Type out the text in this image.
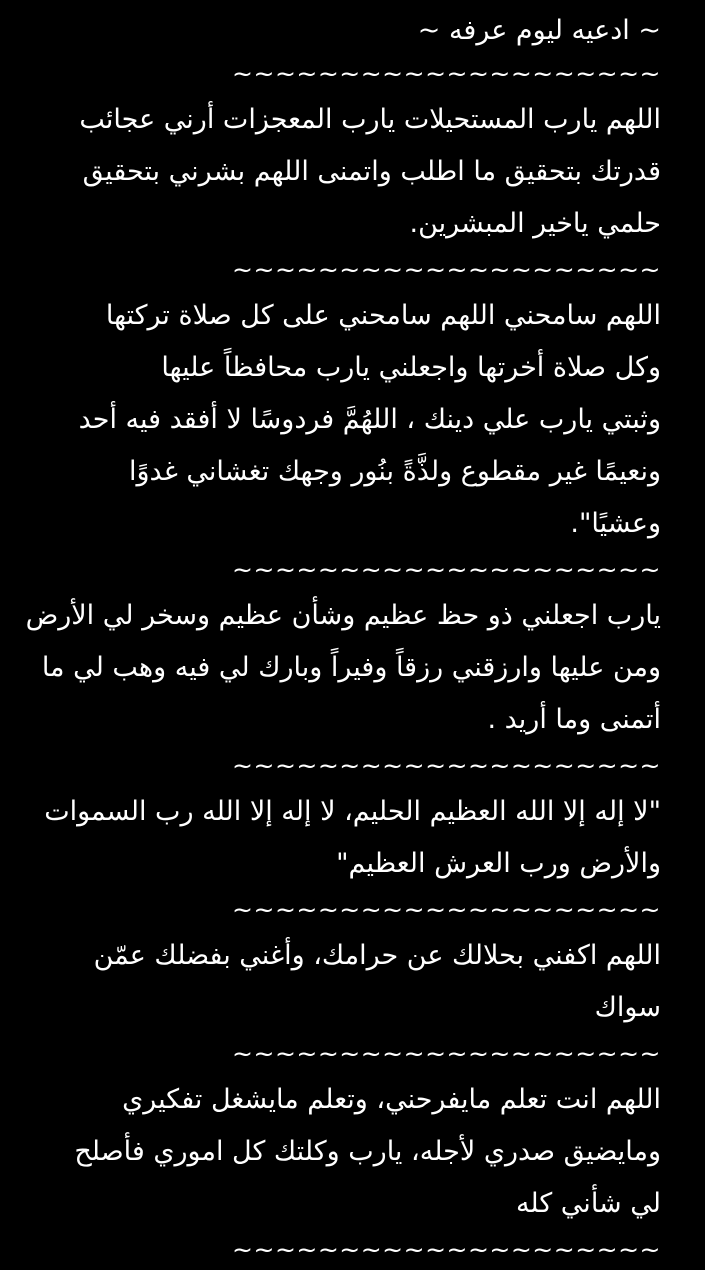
~ ادعيه ليوم عرفه ~
~~~~~~~~~~~~~~~~~~~~
اللهم يارب المستحيلات يارب المعجزات أرني عجائب
قدرتك بتحقيق ما اطلب واتمنى اللهم بشرني بتحقيق
حلمي ياخير المبشرين.
~~~~~~~~~~~~~~~~~~~~
اللهم سامحني اللهم سامحني على كل صلاة تركتها
وكل صلاة أخرتها واجعلني يارب محافظاً عليها
وثبتي يارب علي دينك ، اللهُمَّ فردوسًا لا أفقد فيه أحد
ونعيمًا غير مقطوع ولذَّةً بنُور وجهك تغشاني غدوًا
وعشيًا".
~~~~~~~~~~~~~~~~~~~~
يارب اجعلني ذو حظ عظيم وشأن عظيم وسخر لي الأرض
ومن عليها وارزقني رزقاً وفيراً وبارك لي فيه وهب لي ما
أتمنى وما أريد .
~~~~~~~~~~~~~~~~~~~~
"لا إله إلا الله العظيم الحليم، لا إله إلا الله رب السموات
والأرض ورب العرش العظيم"
~~~~~~~~~~~~~~~~~~~~
اللهم اكفني بحلالك عن حرامك، وأغني بفضلك عمّن
سواك
~~~~~~~~~~~~~~~~~~~~
اللهم انت تعلم مايفرحني، وتعلم مايشغل تفكيري
ومايضيق صدري لأجله، يارب وكلتك كل اموري فأصلح
لي شأني كله
~~~~~~~~~~~~~~~~~~~~
